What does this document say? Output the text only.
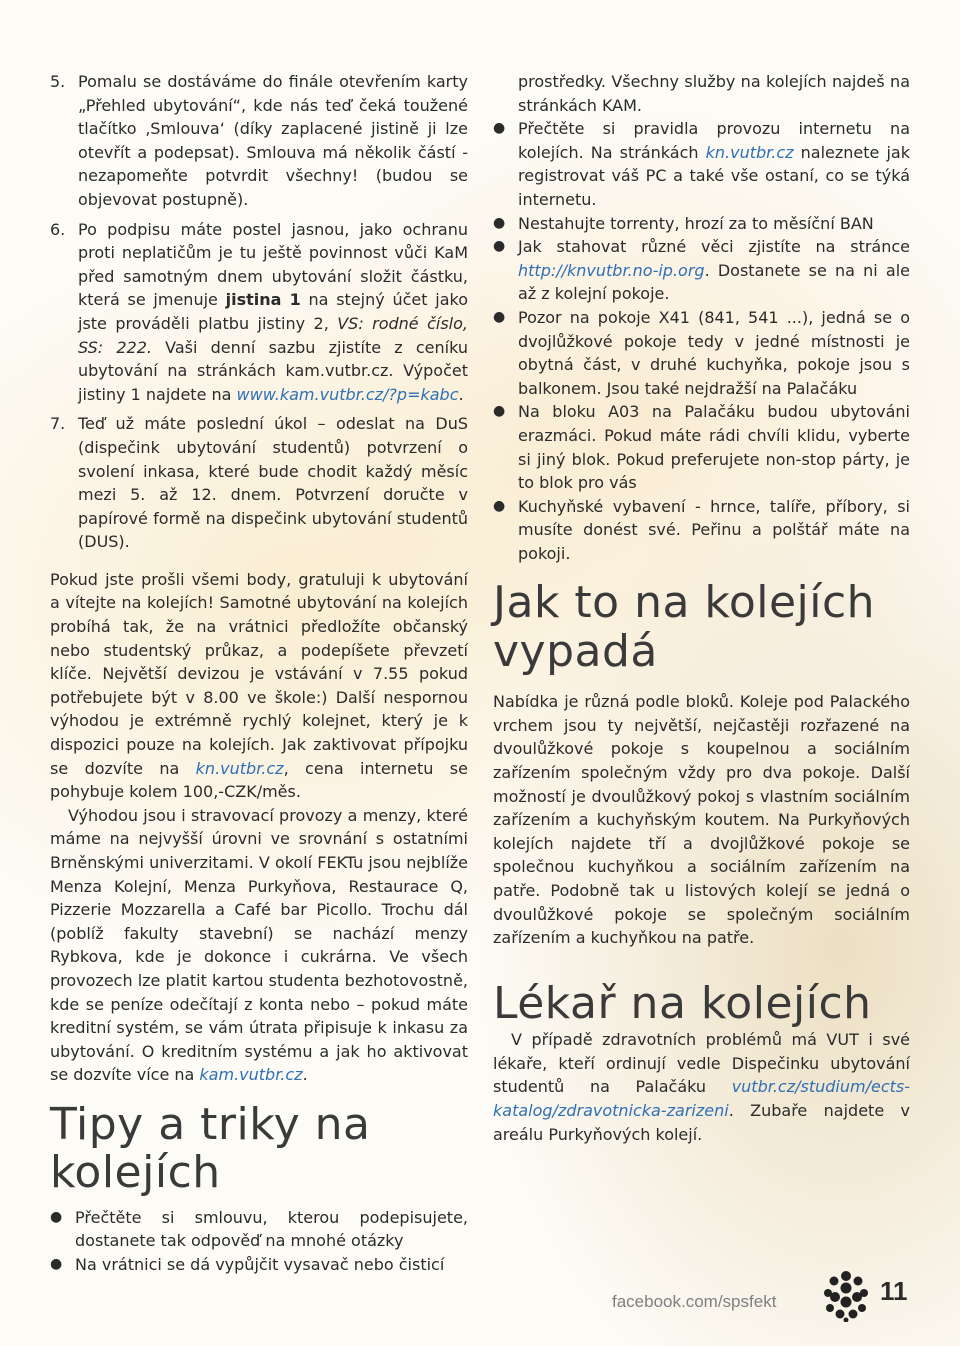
5. Pomalu se dostáváme do finále otevřením karty „Přehled ubytování“, kde nás teď čeká toužené tlačítko ‚Smlouva‘ (díky zaplacené jistině ji lze otevřít a podepsat). Smlouva má několik částí - nezapomeňte potvrdit všechny! (budou se objevovat postupně).
6. Po podpisu máte postel jasnou, jako ochranu proti neplatičům je tu ještě povinnost vůči KaM před samotným dnem ubytování složit částku, která se jmenuje jistina 1 na stejný účet jako jste prováděli platbu jistiny 2, VS: rodné číslo, SS: 222. Vaši denní sazbu zjistíte z ceníku ubytování na stránkách kam.vutbr.cz. Výpočet jistiny 1 najdete na www.kam.vutbr.cz/?p=kabc.
7. Teď už máte poslední úkol – odeslat na DuS (dispečink ubytování studentů) potvrzení o svolení inkasa, které bude chodit každý měsíc mezi 5. až 12. dnem. Potvrzení doručte v papírové formě na dispečink ubytování studentů (DUS).

Pokud jste prošli všemi body, gratuluji k ubytování a vítejte na kolejích! Samotné ubytování na kolejích probíhá tak, že na vrátnici předložíte občanský nebo studentský průkaz, a podepíšete převzetí klíče. Největší devizou je vstávání v 7.55 pokud potřebujete být v 8.00 ve škole:) Další nespornou výhodou je extrémně rychlý kolejnet, který je k dispozici pouze na kolejích. Jak zaktivovat přípojku se dozvíte na kn.vutbr.cz, cena internetu se pohybuje kolem 100,-CZK/měs.

Výhodou jsou i stravovací provozy a menzy, které máme na nejvyšší úrovni ve srovnání s ostatními Brněnskými univerzitami. V okolí FEKTu jsou nejblíže Menza Kolejní, Menza Purkyňova, Restaurace Q, Pizzerie Mozzarella a Café bar Picollo. Trochu dál (poblíž fakulty stavební) se nachází menzy Rybkova, kde je dokonce i cukrárna. Ve všech provozech lze platit kartou studenta bezhotovostně, kde se peníze odečítají z konta nebo – pokud máte kreditní systém, se vám útrata připisuje k inkasu za ubytování. O kreditním systému a jak ho aktivovat se dozvíte více na kam.vutbr.cz.

Tipy a triky na kolejích
● Přečtěte si smlouvu, kterou podepisujete, dostanete tak odpověď na mnohé otázky
● Na vrátnici se dá vypůjčit vysavač nebo čisticí
prostředky. Všechny služby na kolejích najdeš na stránkách KAM.
● Přečtěte si pravidla provozu internetu na kolejích. Na stránkách kn.vutbr.cz naleznete jak registrovat váš PC a také vše ostaní, co se týká internetu.
● Nestahujte torrenty, hrozí za to měsíční BAN
● Jak stahovat různé věci zjistíte na stránce http://knvutbr.no-ip.org. Dostanete se na ni ale až z kolejní pokoje.
● Pozor na pokoje X41 (841, 541 ...), jedná se o dvojlůžkové pokoje tedy v jedné místnosti je obytná část, v druhé kuchyňka, pokoje jsou s balkonem. Jsou také nejdražší na Palačáku
● Na bloku A03 na Palačáku budou ubytováni erazmáci. Pokud máte rádi chvíli klidu, vyberte si jiný blok. Pokud preferujete non-stop párty, je to blok pro vás
● Kuchyňské vybavení - hrnce, talíře, příbory, si musíte donést své. Peřinu a polštář máte na pokoji.
Jak to na kolejích vypadá

Nabídka je různá podle bloků. Koleje pod Palackého vrchem jsou ty největší, nejčastěji rozřazené na dvoulůžkové pokoje s koupelnou a sociálním zařízením společným vždy pro dva pokoje. Další možností je dvoulůžkový pokoj s vlastním sociálním zařízením a kuchyňským koutem. Na Purkyňových kolejích najdete tří a dvojlůžkové pokoje se společnou kuchyňkou a sociálním zařízením na patře. Podobně tak u listových kolejí se jedná o dvoulůžkové pokoje se společným sociálním zařízením a kuchyňkou na patře.

Lékař na kolejích

V případě zdravotních problémů má VUT i své lékaře, kteří ordinují vedle Dispečinku ubytování studentů na Palačáku vutbr.cz/studium/ects-katalog/zdravotnicka-zarizeni. Zubaře najdete v areálu Purkyňových kolejí.

facebook.com/spsfekt	11
